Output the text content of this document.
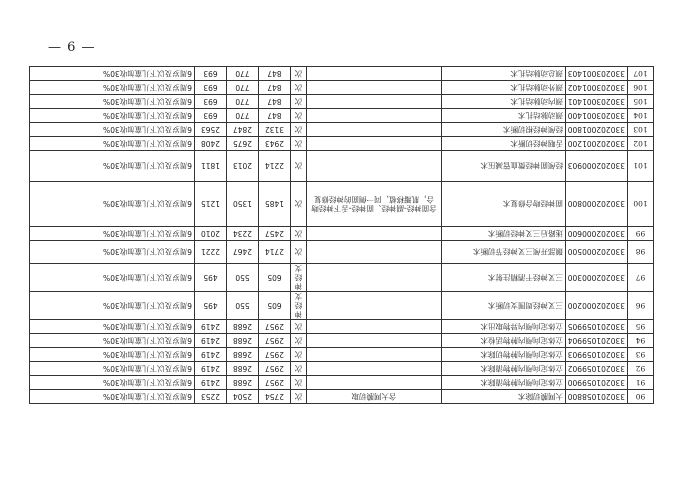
— 6 —
90	330201058800	大网膜切除术	含大网膜切取	次	2754	2504	2253	6周岁及以下儿童加收30%
91	330201059900	立体定向颅内肿物清除术		次	2957	2688	2419	6周岁及以下儿童加收30%
92	330201059902	立体定向颅内肿物清除术		次	2957	2688	2419	6周岁及以下儿童加收30%
93	330201059903	立体定向颅内肿物切除术		次	2957	2688	2419	6周岁及以下儿童加收30%
94	330201059904	立体定向颅内肿物活检术		次	2957	2688	2419	6周岁及以下儿童加收30%
95	330201059905	立体定向颅内异物取出术		次	2957	2688	2419	6周岁及以下儿童加收30%
96	330202000200	三叉神经周围支切断术		神经支	605	550	495	6周岁及以下儿童加收30%
97	330202000300	三叉神经干酒精注射术		神经支	605	550	495	6周岁及以下儿童加收30%
98	330202000500	颞部开颅三叉神经节切断术		次	2714	2467	2221	6周岁及以下儿童加收30%
99	330202000600	迷路后三叉神经切断术		次	2457	2234	2010	6周岁及以下儿童加收30%
100	330202000800	面神经吻合修复术	含面神经-副神经、面神经-舌下神经吻合，肌瓣移植，同一侧面的神经修复	次	1485	1350	1215	6周岁及以下儿童加收30%
101	330202000903	经颅面神经微血管减压术		次	2214	2013	1811	6周岁及以下儿童加收30%
102	330202001200	舌咽神经切断术		次	2943	2675	2408	6周岁及以下儿童加收30%
103	330202001800	经颅神经根切断术		次	3132	2847	2563	6周岁及以下儿童加收30%
104	330203001400	颈动脉结扎术		次	847	770	693	6周岁及以下儿童加收30%
105	330203001401	颈内动脉结扎术		次	847	770	693	6周岁及以下儿童加收30%
106	330203001402	颈外动脉结扎术		次	847	770	693	6周岁及以下儿童加收30%
107	330203001403	颈总动脉结扎术		次	847	770	693	6周岁及以下儿童加收30%
